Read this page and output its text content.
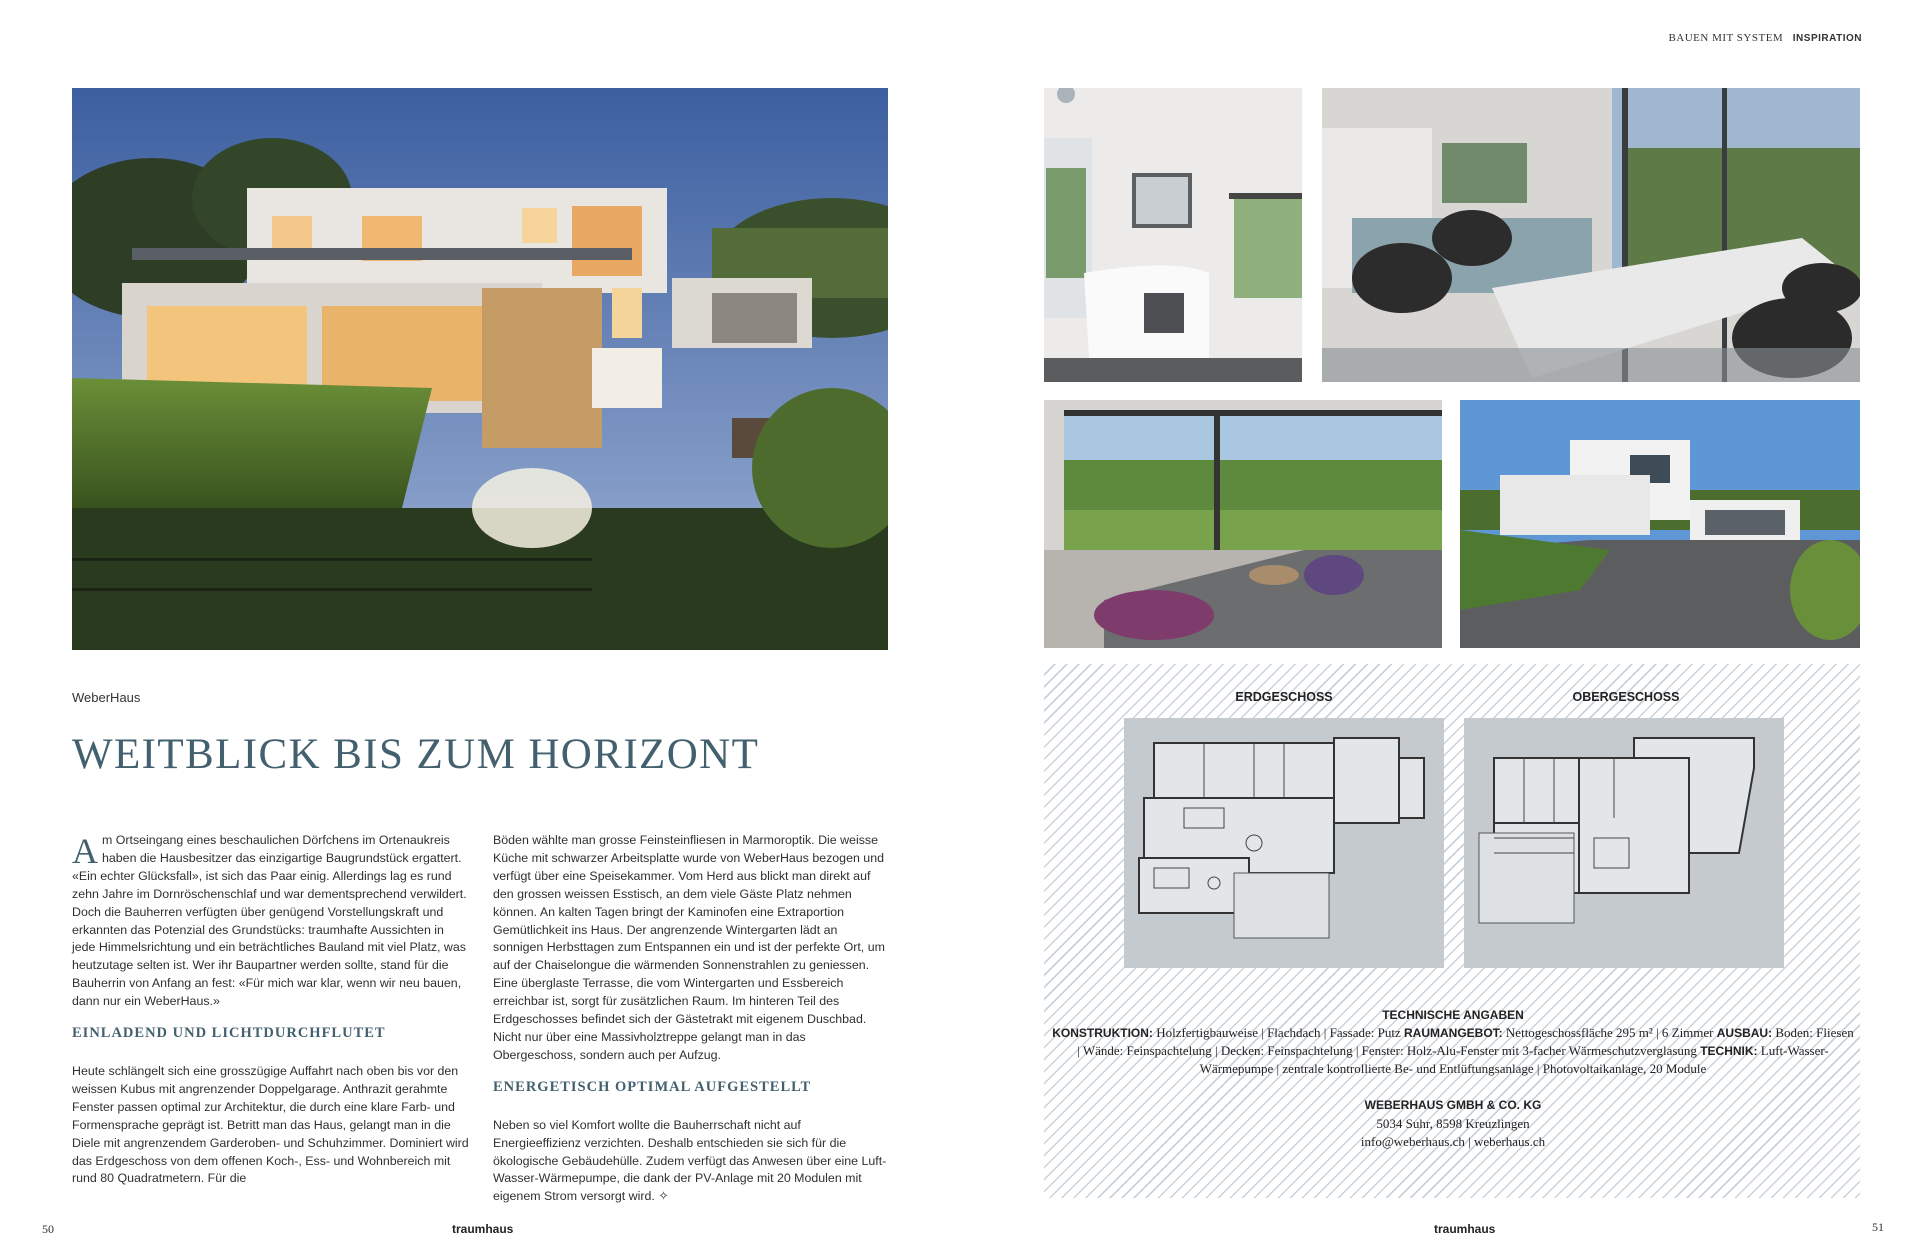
BAUEN MIT SYSTEM INSPIRATION
WeberHaus
WEITBLICK BIS ZUM HORIZONT

Am Ortseingang eines beschaulichen Dörfchens im Ortenaukreis haben die Hausbesitzer das einzigartige Baugrundstück ergattert. «Ein echter Glücksfall», ist sich das Paar einig. Allerdings lag es rund zehn Jahre im Dornröschenschlaf und war dementsprechend verwildert. Doch die Bauherren verfügten über genügend Vorstellungskraft und erkannten das Potenzial des Grundstücks: traumhafte Aussichten in jede Himmelsrichtung und ein beträchtliches Bauland mit viel Platz, was heutzutage selten ist. Wer ihr Baupartner werden sollte, stand für die Bauherrin von Anfang an fest: «Für mich war klar, wenn wir neu bauen, dann nur ein WeberHaus.»

EINLADEND UND LICHTDURCHFLUTET

Heute schlängelt sich eine grosszügige Auffahrt nach oben bis vor den weissen Kubus mit angrenzender Doppelgarage. Anthrazit gerahmte Fenster passen optimal zur Architektur, die durch eine klare Farb- und Formensprache geprägt ist. Betritt man das Haus, gelangt man in die Diele mit angrenzendem Garderoben- und Schuhzimmer. Dominiert wird das Erdgeschoss von dem offenen Koch-, Ess- und Wohnbereich mit rund 80 Quadratmetern. Für die

Böden wählte man grosse Feinsteinfliesen in Marmoroptik. Die weisse Küche mit schwarzer Arbeitsplatte wurde von WeberHaus bezogen und verfügt über eine Speisekammer. Vom Herd aus blickt man direkt auf den grossen weissen Esstisch, an dem viele Gäste Platz nehmen können. An kalten Tagen bringt der Kaminofen eine Extraportion Gemütlichkeit ins Haus. Der angrenzende Wintergarten lädt an sonnigen Herbsttagen zum Entspannen ein und ist der perfekte Ort, um auf der Chaiselongue die wärmenden Sonnenstrahlen zu geniessen. Eine überglaste Terrasse, die vom Wintergarten und Essbereich erreichbar ist, sorgt für zusätzlichen Raum. Im hinteren Teil des Erdgeschosses befindet sich der Gästetrakt mit eigenem Duschbad. Nicht nur über eine Massivholztreppe gelangt man in das Obergeschoss, sondern auch per Aufzug.

ENERGETISCH OPTIMAL AUFGESTELLT

Neben so viel Komfort wollte die Bauherrschaft nicht auf Energieeffizienz verzichten. Deshalb entschieden sie sich für die ökologische Gebäudehülle. Zudem verfügt das Anwesen über eine Luft-Wasser-Wärmepumpe, die dank der PV-Anlage mit 20 Modulen mit eigenem Strom versorgt wird. ✧

50	traumhaus
ERDGESCHOSS	OBERGESCHOSS
TECHNISCHE ANGABEN
KONSTRUKTION: Holzfertigbauweise | Flachdach | Fassade: Putz RAUMANGEBOT: Nettogeschossfläche 295 m² | 6 Zimmer AUSBAU: Boden: Fliesen | Wände: Feinspachtelung | Decken: Feinspachtelung | Fenster: Holz-Alu-Fenster mit 3-facher Wärmeschutzverglasung TECHNIK: Luft-Wasser-Wärmepumpe | zentrale kontrollierte Be- und Entlüftungsanlage | Photovoltaikanlage, 20 Module
WEBERHAUS GMBH & CO. KG
5034 Suhr, 8598 Kreuzlingen
info@weberhaus.ch | weberhaus.ch
traumhaus	51
